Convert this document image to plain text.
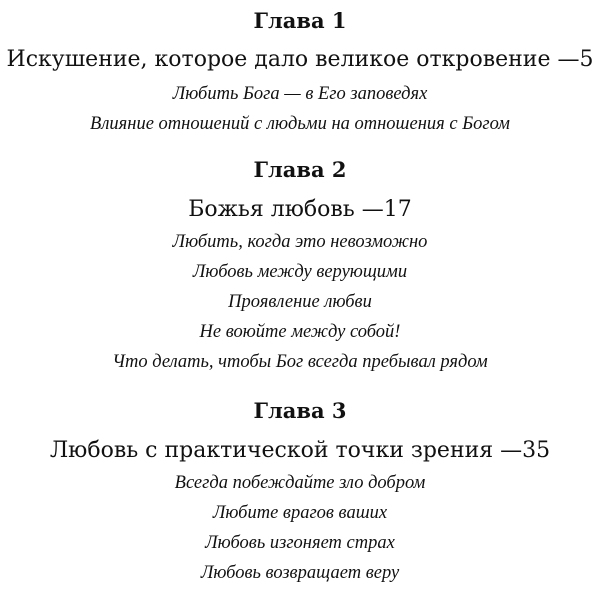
Глава 1
Искушение, которое дало великое откровение —5
Любить Бога — в Его заповедях
Влияние отношений с людьми на отношения с Богом
Глава 2
Божья любовь —17
Любить, когда это невозможно
Любовь между верующими
Проявление любви
Не воюйте между собой!
Что делать, чтобы Бог всегда пребывал рядом
Глава 3
Любовь с практической точки зрения —35
Всегда побеждайте зло добром
Любите врагов ваших
Любовь изгоняет страх
Любовь возвращает веру
